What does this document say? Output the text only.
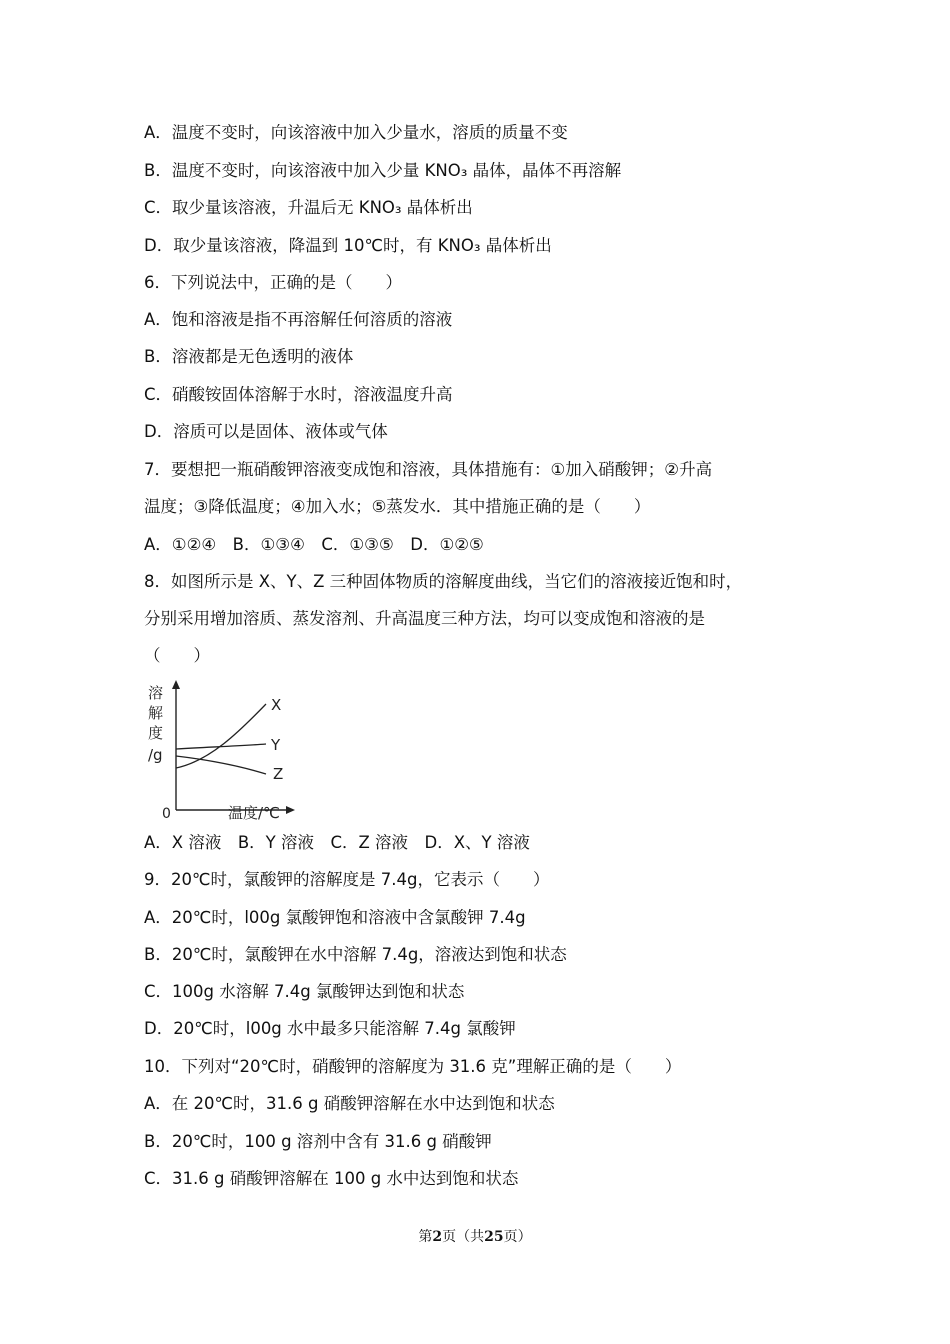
A．温度不变时，向该溶液中加入少量水，溶质的质量不变
B．温度不变时，向该溶液中加入少量 KNO₃ 晶体，晶体不再溶解
C．取少量该溶液，升温后无 KNO₃ 晶体析出
D．取少量该溶液，降温到 10℃时，有 KNO₃ 晶体析出
6．下列说法中，正确的是（　　）
A．饱和溶液是指不再溶解任何溶质的溶液
B．溶液都是无色透明的液体
C．硝酸铵固体溶解于水时，溶液温度升高
D．溶质可以是固体、液体或气体
7．要想把一瓶硝酸钾溶液变成饱和溶液，具体措施有：①加入硝酸钾；②升高
温度；③降低温度；④加入水；⑤蒸发水．其中措施正确的是（　　）
A．①②④　B．①③④　C．①③⑤　D．①②⑤
8．如图所示是 X、Y、Z 三种固体物质的溶解度曲线，当它们的溶液接近饱和时，
分别采用增加溶质、蒸发溶剂、升高温度三种方法，均可以变成饱和溶液的是
（　　）
溶
解
度
/g
X
Y
Z
0	温度/℃
A．X 溶液　B．Y 溶液　C．Z 溶液　D．X、Y 溶液
9．20℃时，氯酸钾的溶解度是 7.4g，它表示（　　）
A．20℃时，l00g 氯酸钾饱和溶液中含氯酸钾 7.4g
B．20℃时，氯酸钾在水中溶解 7.4g，溶液达到饱和状态
C．100g 水溶解 7.4g 氯酸钾达到饱和状态
D．20℃时，l00g 水中最多只能溶解 7.4g 氯酸钾
10．下列对“20℃时，硝酸钾的溶解度为 31.6 克”理解正确的是（　　）
A．在 20℃时，31.6 g 硝酸钾溶解在水中达到饱和状态
B．20℃时，100 g 溶剂中含有 31.6 g 硝酸钾
C．31.6 g 硝酸钾溶解在 100 g 水中达到饱和状态
第2页（共25页）
